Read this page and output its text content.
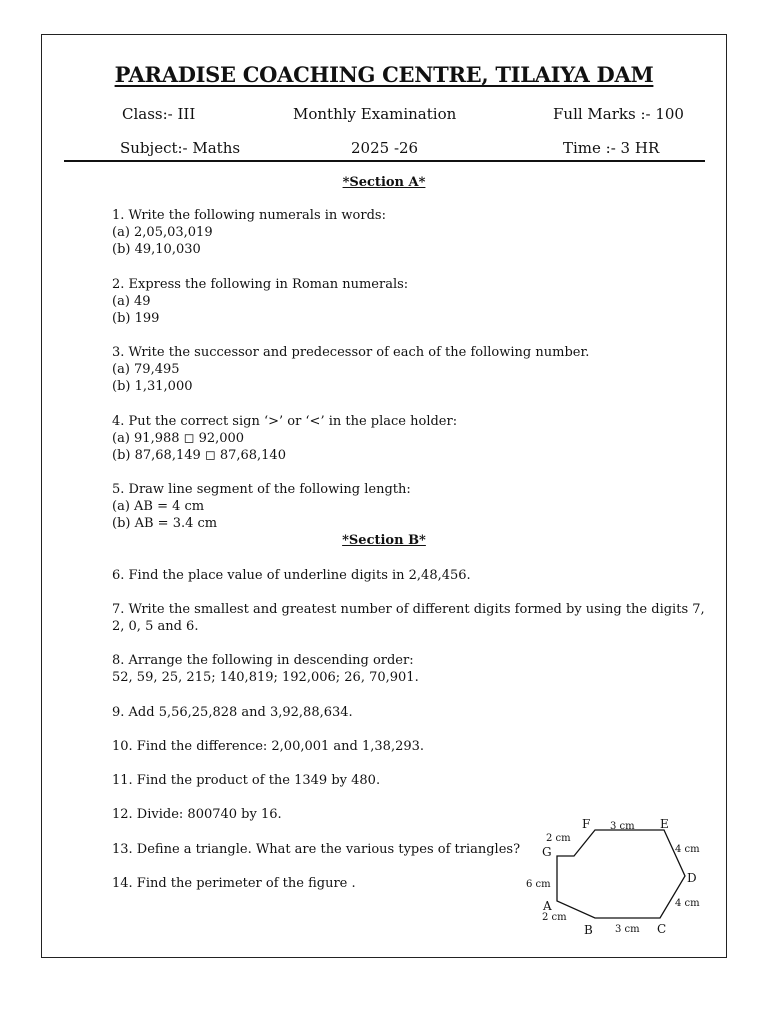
PARADISE COACHING CENTRE, TILAIYA DAM
Class:- III	Monthly Examination	Full Marks :- 100
Subject:- Maths	2025 -26	Time :- 3 HR
*Section A*
1. Write the following numerals in words:
(a) 2,05,03,019
(b) 49,10,030
2. Express the following in Roman numerals:
(a) 49
(b) 199
3. Write the successor and predecessor of each of the following number.
(a) 79,495
(b) 1,31,000
4. Put the correct sign ‘>’ or ‘<’ in the place holder:
(a) 91,988 ◻ 92,000
(b) 87,68,149 ◻ 87,68,140
5. Draw line segment of the following length:
(a) AB = 4 cm
(b) AB = 3.4 cm
*Section B*
6. Find the place value of underline digits in 2,48,456.
7. Write the smallest and greatest number of different digits formed by using the digits 7,
2, 0, 5 and 6.
8. Arrange the following in descending order:
52, 59, 25, 215; 140,819; 192,006; 26, 70,901.
9. Add 5,56,25,828 and 3,92,88,634.
10. Find the difference: 2,00,001 and 1,38,293.
11. Find the product of the 1349 by 480.
12. Divide: 800740 by 16.
13. Define a triangle. What are the various types of triangles?
14. Find the perimeter of the figure .
F	E
G
D
A
B	C
3 cm
4 cm
4 cm
3 cm
2 cm
6 cm
2 cm
